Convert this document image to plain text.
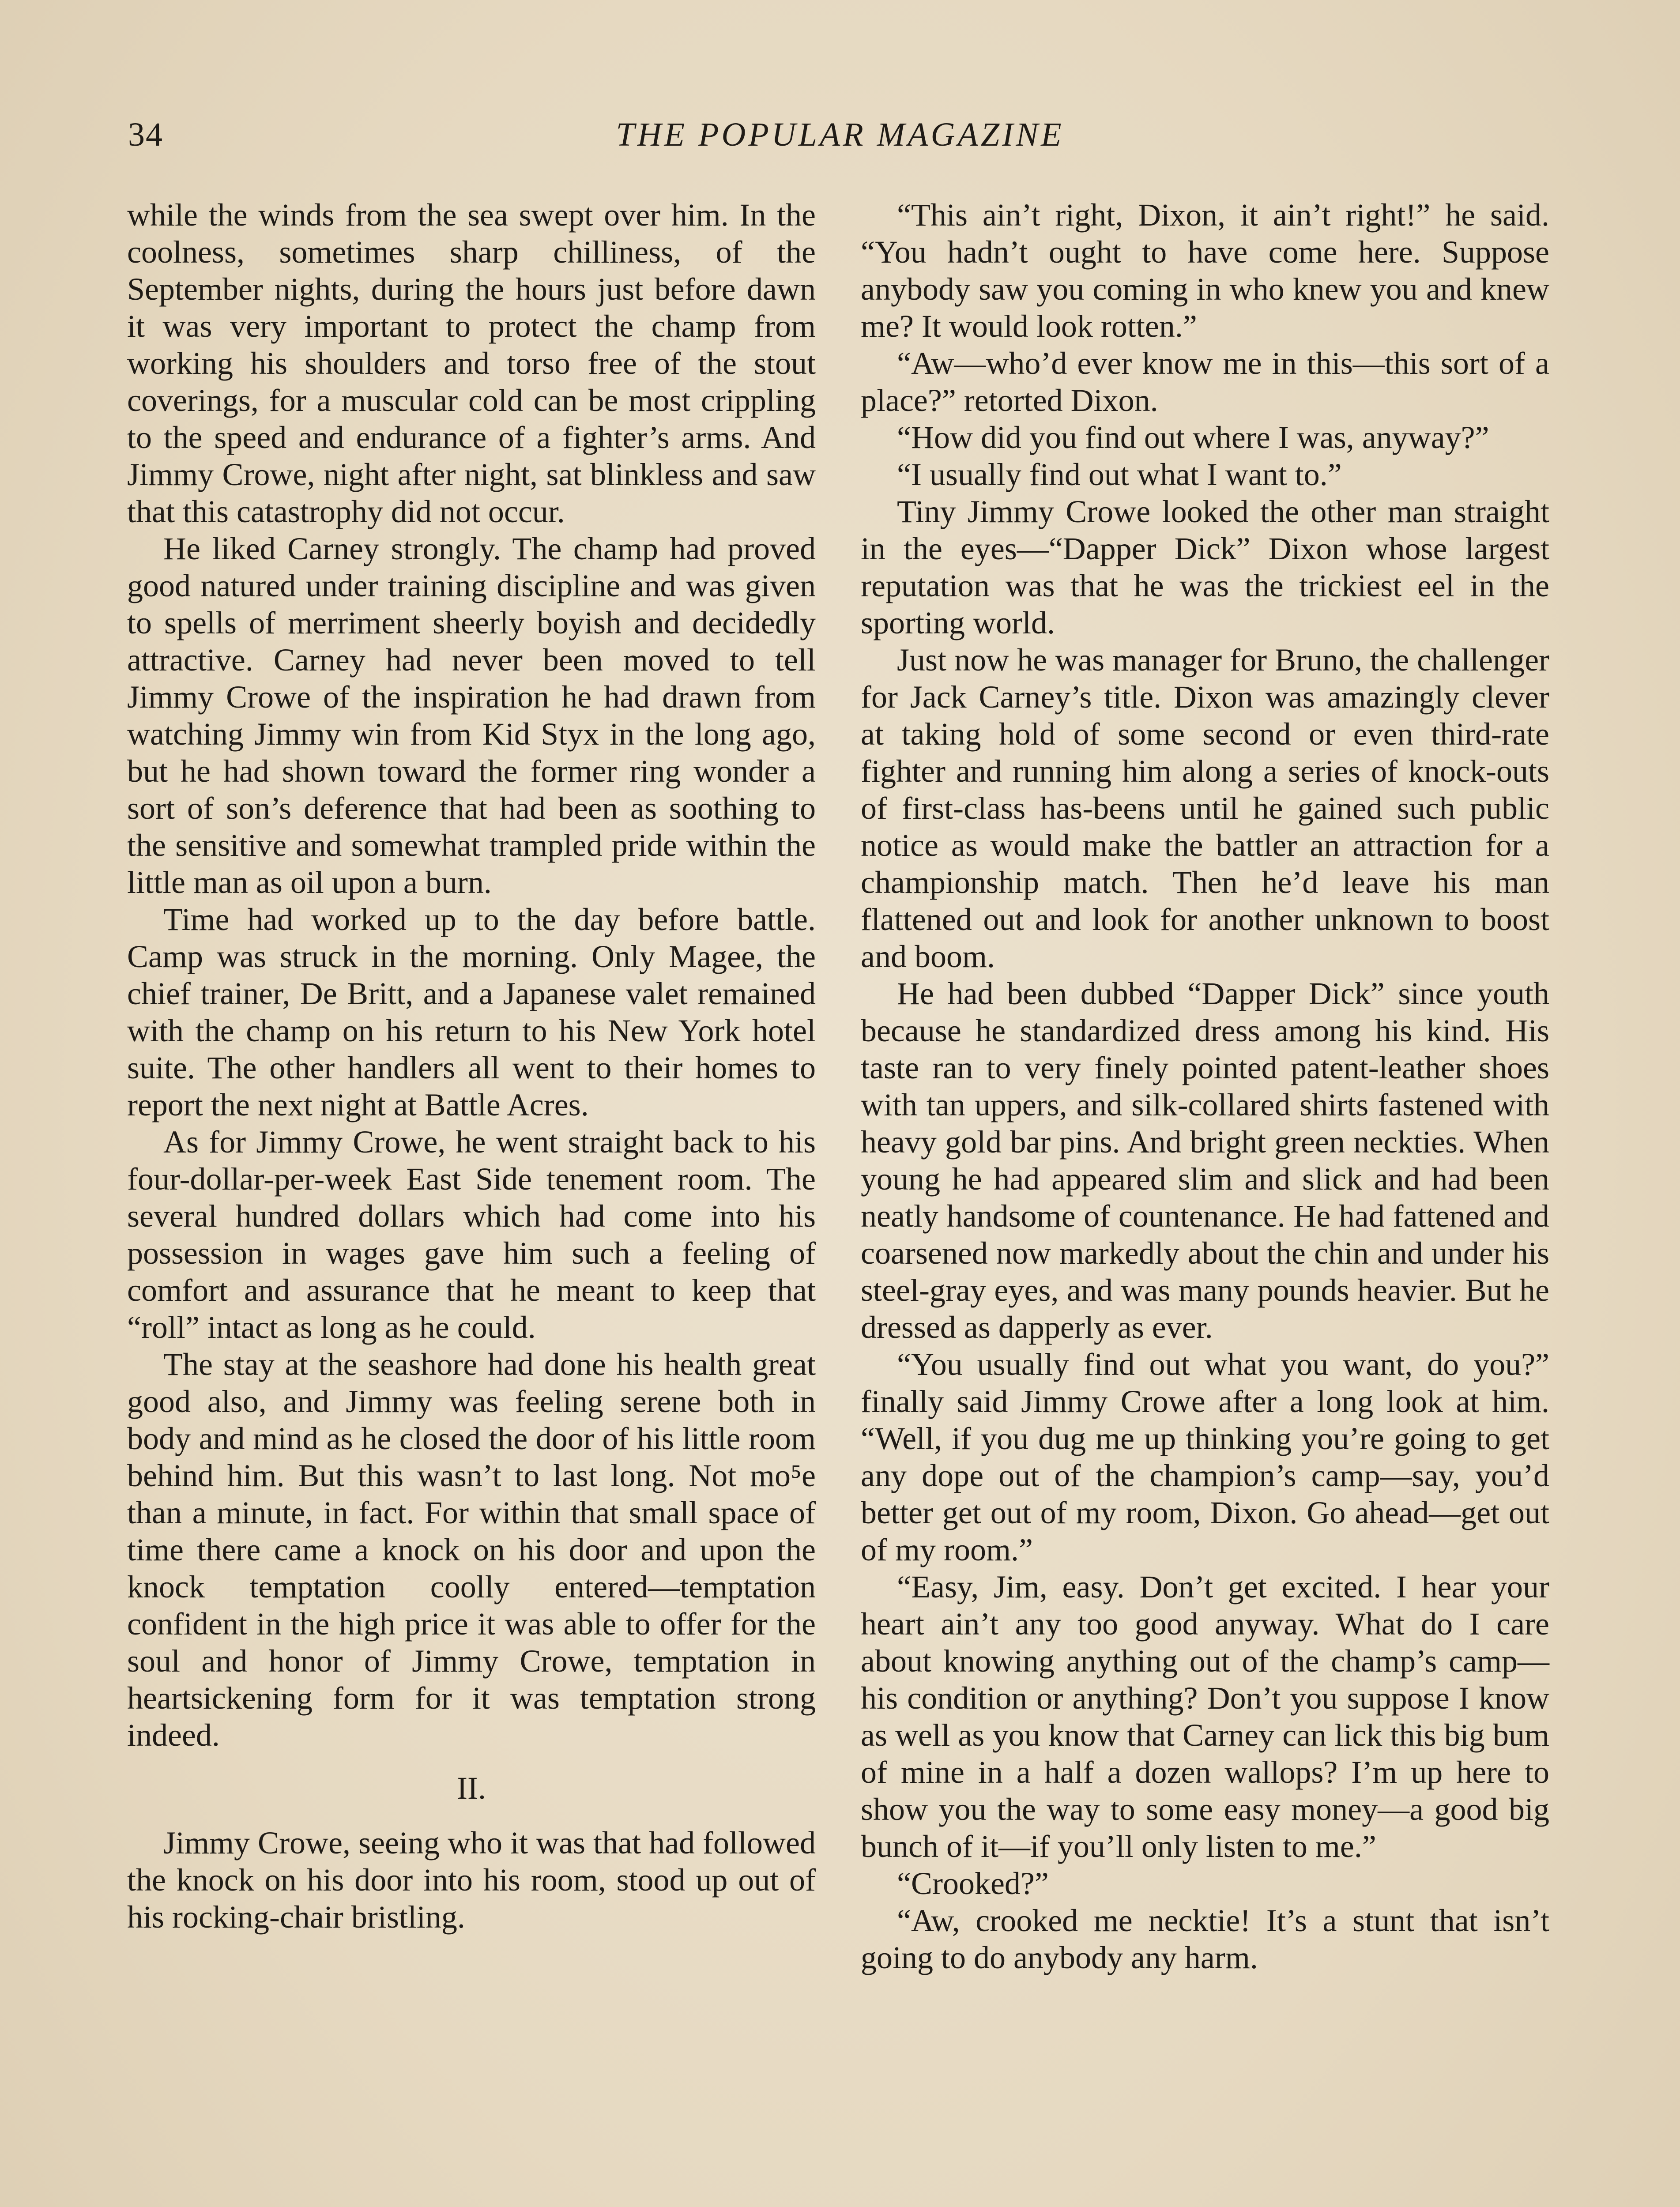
34	THE POPULAR MAGAZINE

while the winds from the sea swept over him. In the coolness, sometimes sharp chilliness, of the September nights, during the hours just before dawn it was very important to protect the champ from working his shoulders and torso free of the stout coverings, for a muscular cold can be most crippling to the speed and endurance of a fighter’s arms. And Jimmy Crowe, night after night, sat blinkless and saw that this catastrophy did not occur.

He liked Carney strongly. The champ had proved good natured under training discipline and was given to spells of merriment sheerly boyish and decidedly attractive. Carney had never been moved to tell Jimmy Crowe of the inspiration he had drawn from watching Jimmy win from Kid Styx in the long ago, but he had shown toward the former ring wonder a sort of son’s deference that had been as soothing to the sensitive and somewhat trampled pride within the little man as oil upon a burn.

Time had worked up to the day before battle. Camp was struck in the morning. Only Magee, the chief trainer, De Britt, and a Japanese valet remained with the champ on his return to his New York hotel suite. The other handlers all went to their homes to report the next night at Battle Acres.

As for Jimmy Crowe, he went straight back to his four-dollar-per-week East Side tenement room. The several hundred dollars which had come into his possession in wages gave him such a feeling of comfort and assurance that he meant to keep that “roll” intact as long as he could.

The stay at the seashore had done his health great good also, and Jimmy was feeling serene both in body and mind as he closed the door of his little room behind him. But this wasn’t to last long. Not mo⁵e than a minute, in fact. For within that small space of time there came a knock on his door and upon the knock temptation coolly entered—temptation confident in the high price it was able to offer for the soul and honor of Jimmy Crowe, temptation in heartsickening form for it was temptation strong indeed.

II.

Jimmy Crowe, seeing who it was that had followed the knock on his door into his room, stood up out of his rocking-chair bristling.

“This ain’t right, Dixon, it ain’t right!” he said. “You hadn’t ought to have come here. Suppose anybody saw you coming in who knew you and knew me? It would look rotten.”

“Aw—who’d ever know me in this—this sort of a place?” retorted Dixon.

“How did you find out where I was, anyway?”

“I usually find out what I want to.”

Tiny Jimmy Crowe looked the other man straight in the eyes—“Dapper Dick” Dixon whose largest reputation was that he was the trickiest eel in the sporting world.

Just now he was manager for Bruno, the challenger for Jack Carney’s title. Dixon was amazingly clever at taking hold of some second or even third-rate fighter and running him along a series of knock-outs of first-class has-beens until he gained such public notice as would make the battler an attraction for a championship match. Then he’d leave his man flattened out and look for another unknown to boost and boom.

He had been dubbed “Dapper Dick” since youth because he standardized dress among his kind. His taste ran to very finely pointed patent-leather shoes with tan uppers, and silk-collared shirts fastened with heavy gold bar pins. And bright green neckties. When young he had appeared slim and slick and had been neatly handsome of countenance. He had fattened and coarsened now markedly about the chin and under his steel-gray eyes, and was many pounds heavier. But he dressed as dapperly as ever.

“You usually find out what you want, do you?” finally said Jimmy Crowe after a long look at him. “Well, if you dug me up thinking you’re going to get any dope out of the champion’s camp—say, you’d better get out of my room, Dixon. Go ahead—get out of my room.”

“Easy, Jim, easy. Don’t get excited. I hear your heart ain’t any too good anyway. What do I care about knowing anything out of the champ’s camp—his condition or anything? Don’t you suppose I know as well as you know that Carney can lick this big bum of mine in a half a dozen wallops? I’m up here to show you the way to some easy money—a good big bunch of it—if you’ll only listen to me.”

“Crooked?”

“Aw, crooked me necktie! It’s a stunt that isn’t going to do anybody any harm.
